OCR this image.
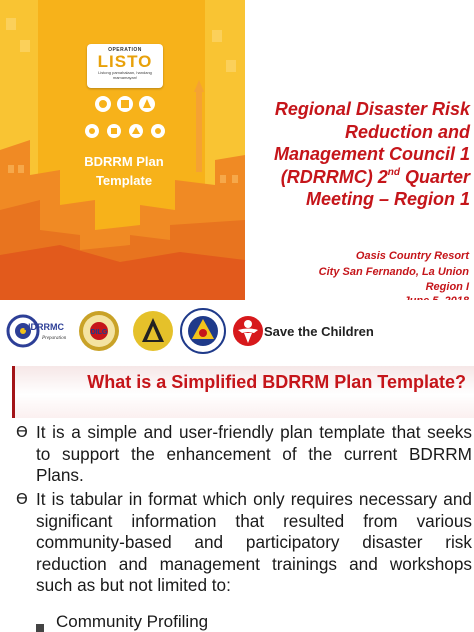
OPERATION
LISTO
Listong pamahalaan, handang mamamayan!
BDRRM Plan Template
Regional Disaster Risk Reduction and Management Council 1 (RDRRMC) 2nd Quarter Meeting – Region 1
Oasis Country Resort
City San Fernando, La Union
Region I
NDRRMC
Preparation
DILG	Save the Children
What is a Simplified BDRRM Plan Template?
ϴ It is a simple and user-friendly plan template that seeks to support the enhancement of the current BDRRM Plans.
ϴ It is tabular in format which only requires necessary and significant information that resulted from various community-based and participatory disaster risk reduction and management trainings and workshops such as but not limited to:
Community Profiling
